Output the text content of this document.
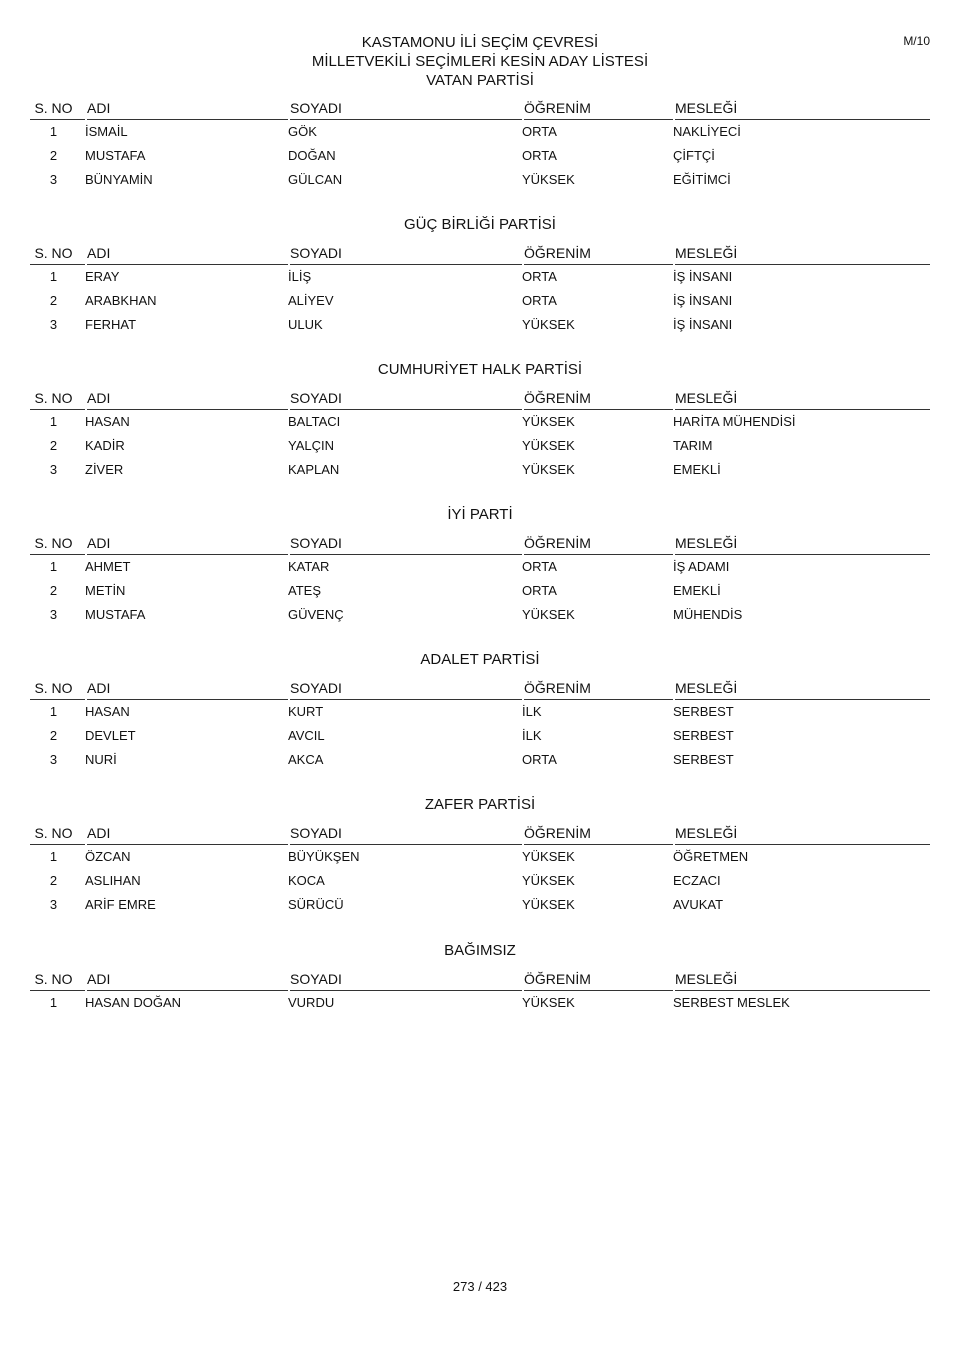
M/10
KASTAMONU İLİ SEÇİM ÇEVRESİ
MİLLETVEKİLİ SEÇİMLERİ KESİN ADAY LİSTESİ
VATAN PARTİSİ
S. NO	ADI	SOYADI	ÖĞRENİM	MESLEĞİ
1	İSMAİL	GÖK	ORTA	NAKLİYECİ
2	MUSTAFA	DOĞAN	ORTA	ÇİFTÇİ
3	BÜNYAMİN	GÜLCAN	YÜKSEK	EĞİTİMCİ
GÜÇ BİRLİĞİ PARTİSİ
S. NO	ADI	SOYADI	ÖĞRENİM	MESLEĞİ
1	ERAY	İLİŞ	ORTA	İŞ İNSANI
2	ARABKHAN	ALİYEV	ORTA	İŞ İNSANI
3	FERHAT	ULUK	YÜKSEK	İŞ İNSANI
CUMHURİYET HALK PARTİSİ
S. NO	ADI	SOYADI	ÖĞRENİM	MESLEĞİ
1	HASAN	BALTACI	YÜKSEK	HARİTA MÜHENDİSİ
2	KADİR	YALÇIN	YÜKSEK	TARIM
3	ZİVER	KAPLAN	YÜKSEK	EMEKLİ
İYİ PARTİ
S. NO	ADI	SOYADI	ÖĞRENİM	MESLEĞİ
1	AHMET	KATAR	ORTA	İŞ ADAMI
2	METİN	ATEŞ	ORTA	EMEKLİ
3	MUSTAFA	GÜVENÇ	YÜKSEK	MÜHENDİS
ADALET PARTİSİ
S. NO	ADI	SOYADI	ÖĞRENİM	MESLEĞİ
1	HASAN	KURT	İLK	SERBEST
2	DEVLET	AVCIL	İLK	SERBEST
3	NURİ	AKCA	ORTA	SERBEST
ZAFER PARTİSİ
S. NO	ADI	SOYADI	ÖĞRENİM	MESLEĞİ
1	ÖZCAN	BÜYÜKŞEN	YÜKSEK	ÖĞRETMEN
2	ASLIHAN	KOCA	YÜKSEK	ECZACI
3	ARİF EMRE	SÜRÜCÜ	YÜKSEK	AVUKAT
BAĞIMSIZ
S. NO	ADI	SOYADI	ÖĞRENİM	MESLEĞİ
1	HASAN DOĞAN	VURDU	YÜKSEK	SERBEST MESLEK
273 / 423
